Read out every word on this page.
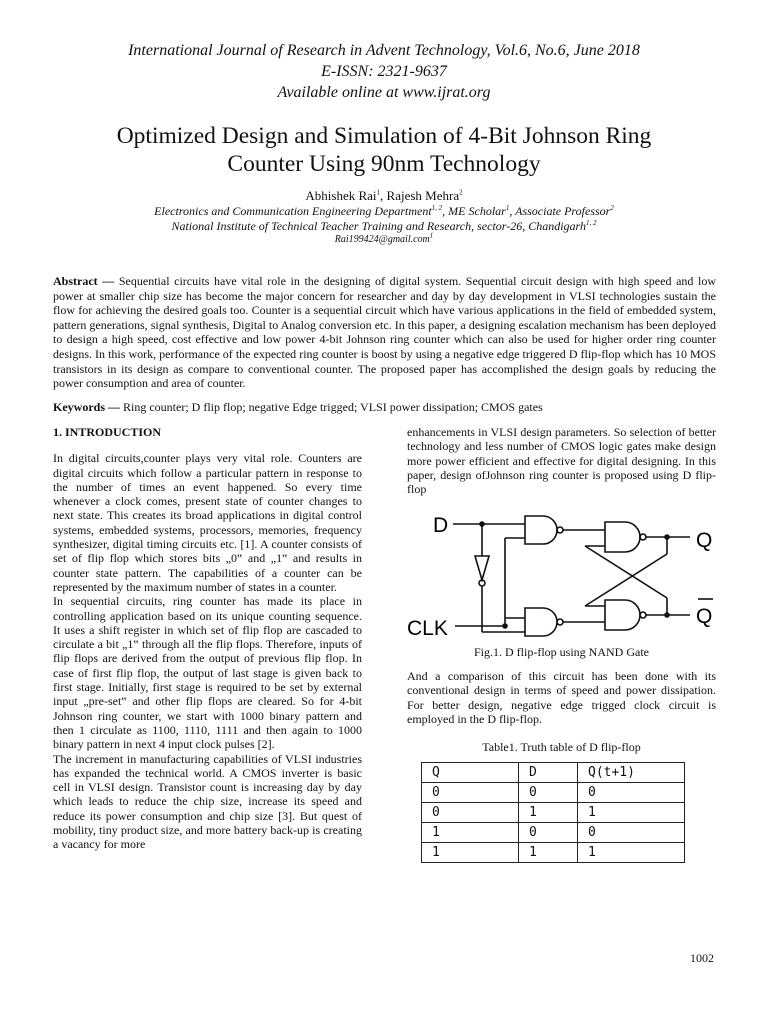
International Journal of Research in Advent Technology, Vol.6, No.6, June 2018
E-ISSN: 2321-9637
Available online at www.ijrat.org
Optimized Design and Simulation of 4-Bit Johnson Ring
Counter Using 90nm Technology
Abhishek Rai$^1$, Rajesh Mehra$^2$
Electronics and Communication Engineering Department$^{1, 2}$, ME Scholar$^1$, Associate Professor$^2$
National Institute of Technical Teacher Training and Research, sector-26, Chandigarh$^{1, 2}$
Rai199424@gmail.com$^1$
Abstract — Sequential circuits have vital role in the designing of digital system. Sequential circuit design with high speed and low power at smaller chip size has become the major concern for researcher and day by day development in VLSI technologies sustain the flow for achieving the desired goals too. Counter is a sequential circuit which have various applications in the field of embedded system, pattern generations, signal synthesis, Digital to Analog conversion etc. In this paper, a designing escalation mechanism has been deployed to design a high speed, cost effective and low power 4-bit Johnson ring counter which can also be used for higher order ring counter designs. In this work, performance of the expected ring counter is boost by using a negative edge triggered D flip-flop which has 10 MOS transistors in its design as compare to conventional counter. The proposed paper has accomplished the design goals by reducing the power consumption and area of counter.
Keywords — Ring counter; D flip flop; negative Edge trigged; VLSI power dissipation; CMOS gates

1. INTRODUCTION

In digital circuits,counter plays very vital role. Counters are digital circuits which follow a particular pattern in response to the number of times an event happened. So every time whenever a clock comes, present state of counter changes to next state. This creates its broad applications in digital control systems, embedded systems, processors, memories, frequency synthesizer, digital timing circuits etc. [1]. A counter consists of set of flip flop which stores bits „0‟ and „1‟ and results in counter state pattern. The capabilities of a counter can be represented by the maximum number of states in a counter.

In sequential circuits, ring counter has made its place in controlling application based on its unique counting sequence. It uses a shift register in which set of flip flop are cascaded to circulate a bit „1‟ through all the flip flops. Therefore, inputs of flip flops are derived from the output of previous flip flop. In case of first flip flop, the output of last stage is given back to first stage. Initially, first stage is required to be set by external input „pre-set‟ and other flip flops are cleared. So for 4-bit Johnson ring counter, we start with 1000 binary pattern and then 1 circulate as 1100, 1110, 1111 and then again to 1000 binary pattern in next 4 input clock pulses [2].

The increment in manufacturing capabilities of VLSI industries has expanded the technical world. A CMOS inverter is basic cell in VLSI design. Transistor count is increasing day by day which leads to reduce the chip size, increase its speed and reduce its power consumption and chip size [3]. But quest of mobility, tiny product size, and more battery back-up is creating a vacancy for more

enhancements in VLSI design parameters. So selection of better technology and less number of CMOS logic gates make design more power efficient and effective for digital designing. In this paper, design ofJohnson ring counter is proposed using D flip-flop

D
CLK
Q
Q
Fig.1. D flip-flop using NAND Gate

And a comparison of this circuit has been done with its conventional design in terms of speed and power dissipation. For better design, negative edge trigged clock circuit is employed in the D flip-flop.

Table1. Truth table of D flip-flop
Q	D	Q(t+1)
0	0	0
0	1	1
1	0	0
1	1	1
1002
